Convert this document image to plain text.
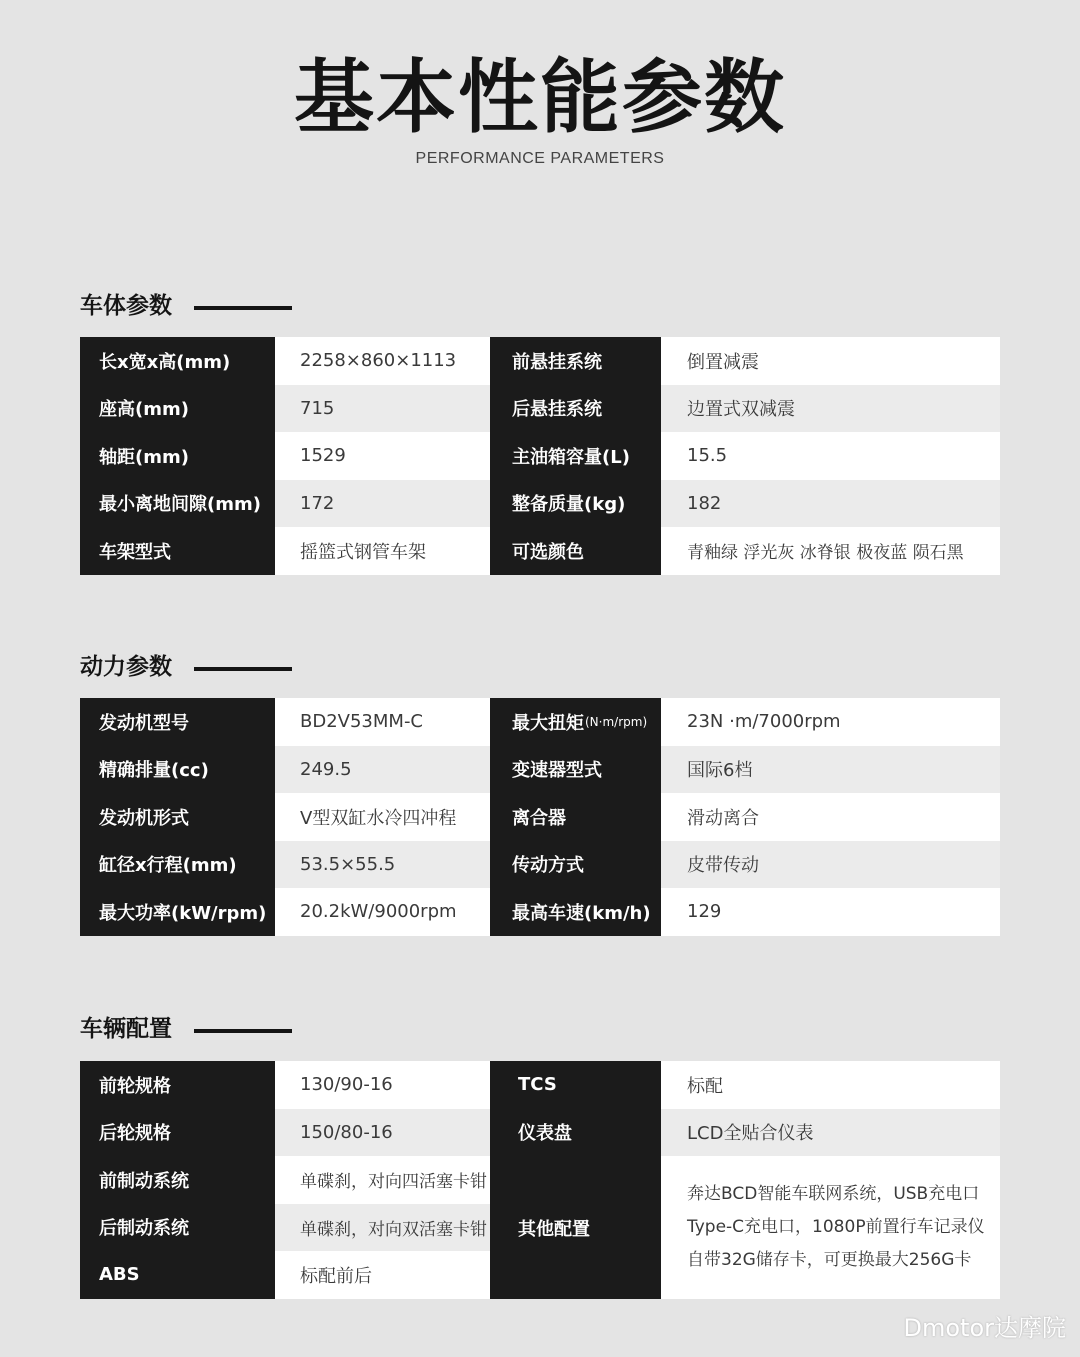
基本性能参数
PERFORMANCE PARAMETERS
车体参数
长x宽x高(mm)	2258×860×1113	前悬挂系统	倒置减震
座高(mm)	715	后悬挂系统	边置式双减震
轴距(mm)	1529	主油箱容量(L)	15.5
最小离地间隙(mm)	172	整备质量(kg)	182
车架型式	摇篮式钢管车架	可选颜色	青釉绿 浮光灰 冰脊银 极夜蓝 陨石黑
动力参数
发动机型号	BD2V53MM-C	最大扭矩 (N·m/rpm)	23N ·m/7000rpm
精确排量(cc)	249.5	变速器型式	国际6档
发动机形式	V型双缸水冷四冲程	离合器	滑动离合
缸径x行程(mm)	53.5×55.5	传动方式	皮带传动
最大功率(kW/rpm)	20.2kW/9000rpm	最高车速(km/h)	129
车辆配置
前轮规格	130/90-16	TCS	标配
后轮规格	150/80-16	仪表盘	LCD全贴合仪表
前制动系统	单碟刹，对向四活塞卡钳
后制动系统	单碟刹，对向双活塞卡钳
ABS	标配前后
其他配置
奔达BCD智能车联网系统，USB充电口
Type-C充电口，1080P前置行车记录仪
自带32G储存卡，可更换最大256G卡
Dmotor达摩院
